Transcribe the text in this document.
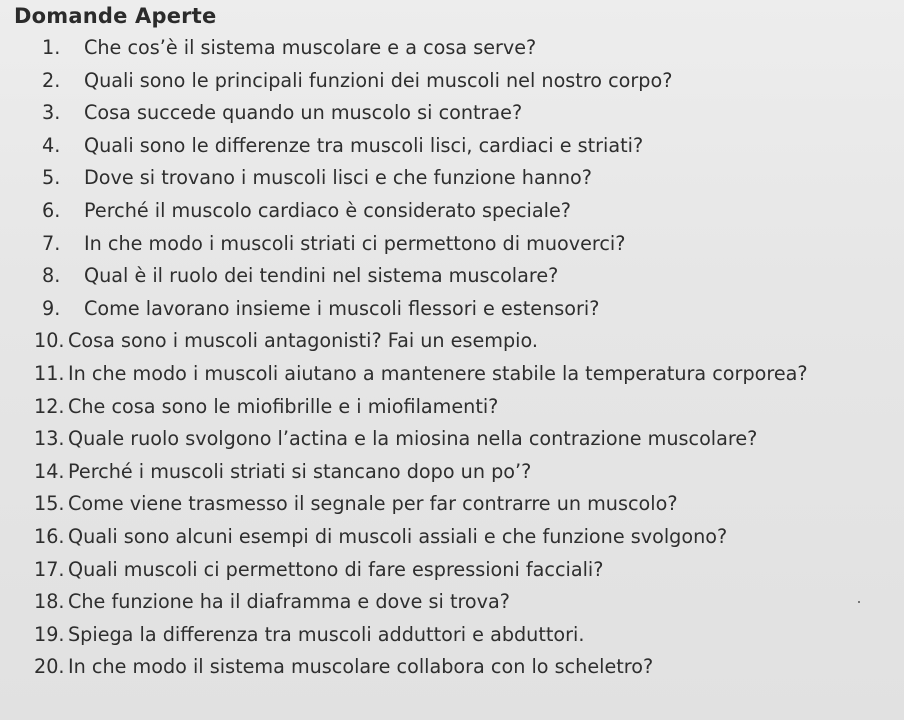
Domande Aperte
1. Che cos’è il sistema muscolare e a cosa serve?
2. Quali sono le principali funzioni dei muscoli nel nostro corpo?
3. Cosa succede quando un muscolo si contrae?
4. Quali sono le differenze tra muscoli lisci, cardiaci e striati?
5. Dove si trovano i muscoli lisci e che funzione hanno?
6. Perché il muscolo cardiaco è considerato speciale?
7. In che modo i muscoli striati ci permettono di muoverci?
8. Qual è il ruolo dei tendini nel sistema muscolare?
9. Come lavorano insieme i muscoli flessori e estensori?
10. Cosa sono i muscoli antagonisti? Fai un esempio.
11. In che modo i muscoli aiutano a mantenere stabile la temperatura corporea?
12. Che cosa sono le miofibrille e i miofilamenti?
13. Quale ruolo svolgono l’actina e la miosina nella contrazione muscolare?
14. Perché i muscoli striati si stancano dopo un po’?
15. Come viene trasmesso il segnale per far contrarre un muscolo?
16. Quali sono alcuni esempi di muscoli assiali e che funzione svolgono?
17. Quali muscoli ci permettono di fare espressioni facciali?
18. Che funzione ha il diaframma e dove si trova?
19. Spiega la differenza tra muscoli adduttori e abduttori.
20. In che modo il sistema muscolare collabora con lo scheletro?
